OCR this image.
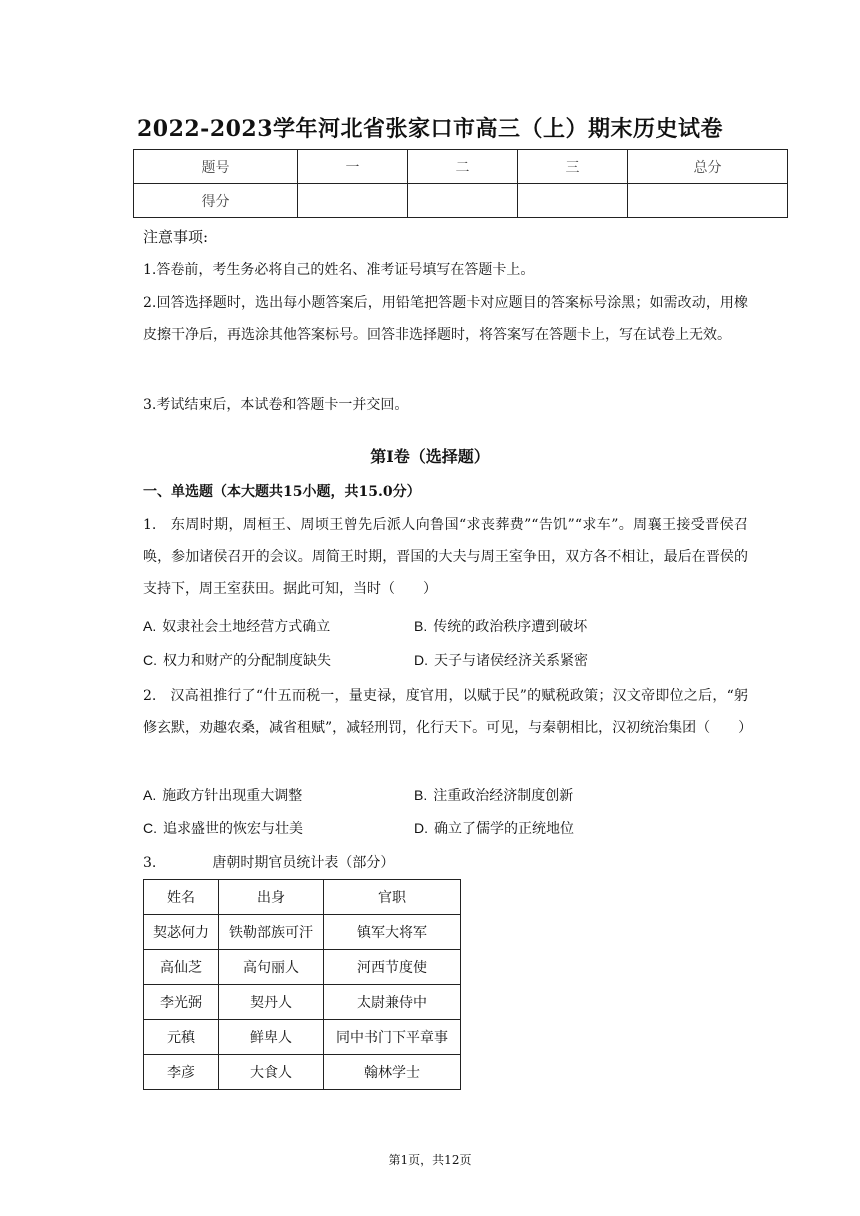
2022-2023学年河北省张家口市高三（上）期末历史试卷
题号	一	二	三	总分
得分				
注意事项:
1.答卷前，考生务必将自己的姓名、准考证号填写在答题卡上。
2.回答选择题时，选出每小题答案后，用铅笔把答题卡对应题目的答案标号涂黑；如需改动，用橡皮擦干净后，再选涂其他答案标号。回答非选择题时，将答案写在答题卡上，写在试卷上无效。
3.考试结束后，本试卷和答题卡一并交回。
第I卷（选择题）
一、单选题（本大题共15小题，共15.0分）
1. 东周时期，周桓王、周顷王曾先后派人向鲁国“求丧葬费”“告饥”“求车”。周襄王接受晋侯召唤，参加诸侯召开的会议。周简王时期，晋国的大夫与周王室争田，双方各不相让，最后在晋侯的支持下，周王室获田。据此可知，当时（　　）
A. 奴隶社会土地经营方式确立	B. 传统的政治秩序遭到破坏
C. 权力和财产的分配制度缺失	D. 天子与诸侯经济关系紧密
2. 汉高祖推行了“什五而税一，量吏禄，度官用，以赋于民”的赋税政策；汉文帝即位之后，“躬修玄默，劝趣农桑，减省租赋”，减轻刑罚，化行天下。可见，与秦朝相比，汉初统治集团（　　）
A. 施政方针出现重大调整	B. 注重政治经济制度创新
C. 追求盛世的恢宏与壮美	D. 确立了儒学的正统地位
3.	唐朝时期官员统计表（部分）
姓名	出身	官职
契苾何力	铁勒部族可汗	镇军大将军
高仙芝	高句丽人	河西节度使
李光弼	契丹人	太尉兼侍中
元稹	鲜卑人	同中书门下平章事
李彦	大食人	翰林学士
第1页，共12页
